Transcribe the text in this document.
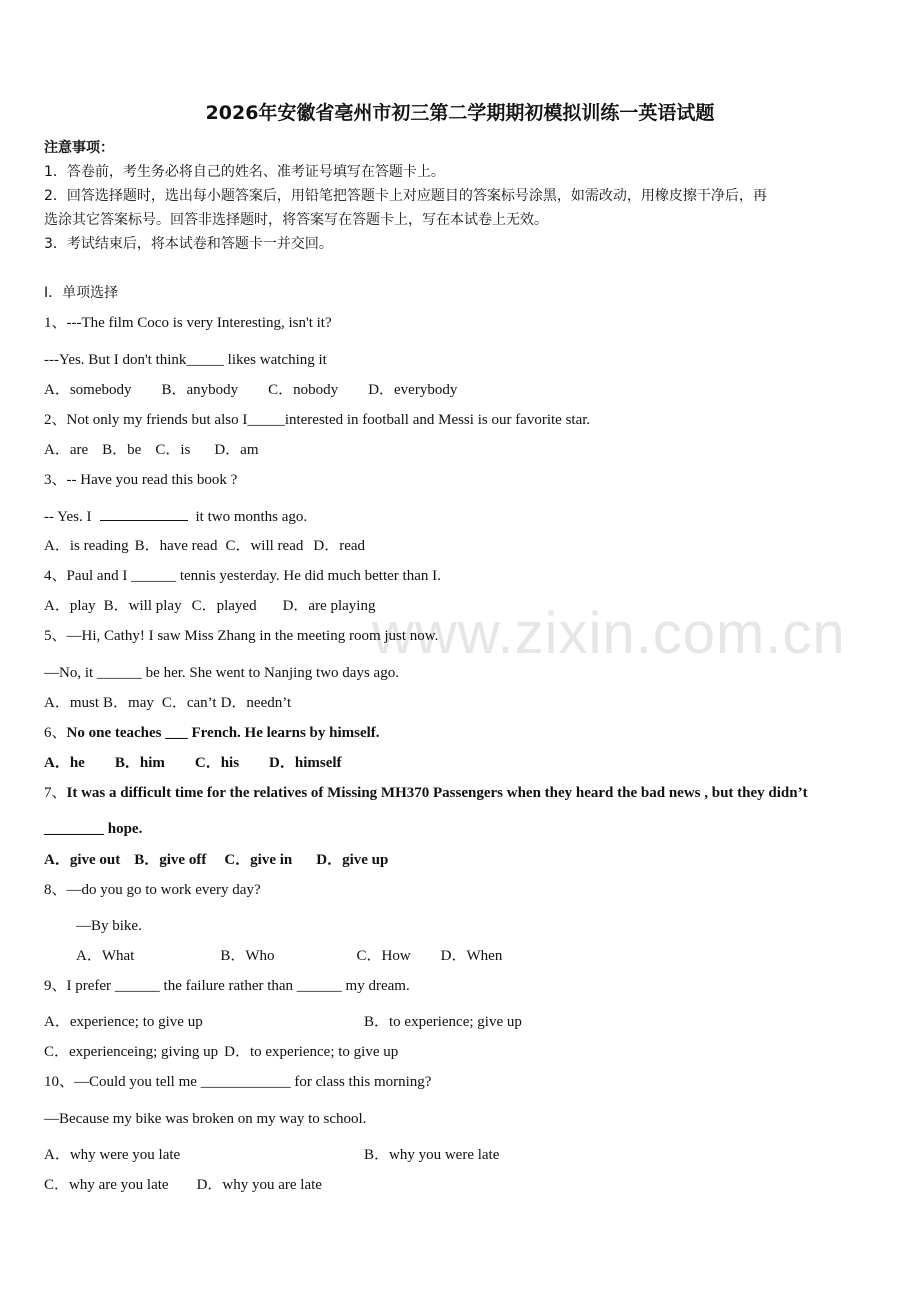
www.zixin.com.cn
2026年安徽省亳州市初三第二学期期初模拟训练一英语试题
注意事项：
1．答卷前，考生务必将自己的姓名、准考证号填写在答题卡上。
2．回答选择题时，选出每小题答案后，用铅笔把答题卡上对应题目的答案标号涂黑，如需改动，用橡皮擦干净后，再
选涂其它答案标号。回答非选择题时，将答案写在答题卡上，写在本试卷上无效。
3．考试结束后，将本试卷和答题卡一并交回。
Ⅰ．单项选择
1、---The film Coco is very Interesting, isn't it?
---Yes. But I don't think_____ likes watching it
A．somebody B．anybody C．nobody D．everybody
2、Not only my friends but also I_____interested in football and Messi is our favorite star.
A．are B．be C．is D．am
3、-- Have you read this book ?
-- Yes. I	it two months ago.
A．is reading B．have read C．will read D．read
4、Paul and I ______ tennis yesterday. He did much better than I.
A．play B．will play C．played D．are playing
5、—Hi, Cathy! I saw Miss Zhang in the meeting room just now.
—No, it ______ be her. She went to Nanjing two days ago.
A．must B．may C．can’t D．needn’t
6、No one teaches ___ French. He learns by himself.
A．he B．him C．his D．himself
7、It was a difficult time for the relatives of Missing MH370 Passengers when they heard the bad news , but they didn’t
________ hope.
A．give out B．give off C．give in D．give up
8、—do you go to work every day?
—By bike.
A．What	B．Who	C．How D．When
9、I prefer ______ the failure rather than ______ my dream.
A．experience; to give up	B．to experience; give up
C．experienceing; giving up D．to experience; to give up
10、—Could you tell me ____________ for class this morning?
—Because my bike was broken on my way to school.
A．why were you late	B．why you were late
C．why are you late D．why you are late
